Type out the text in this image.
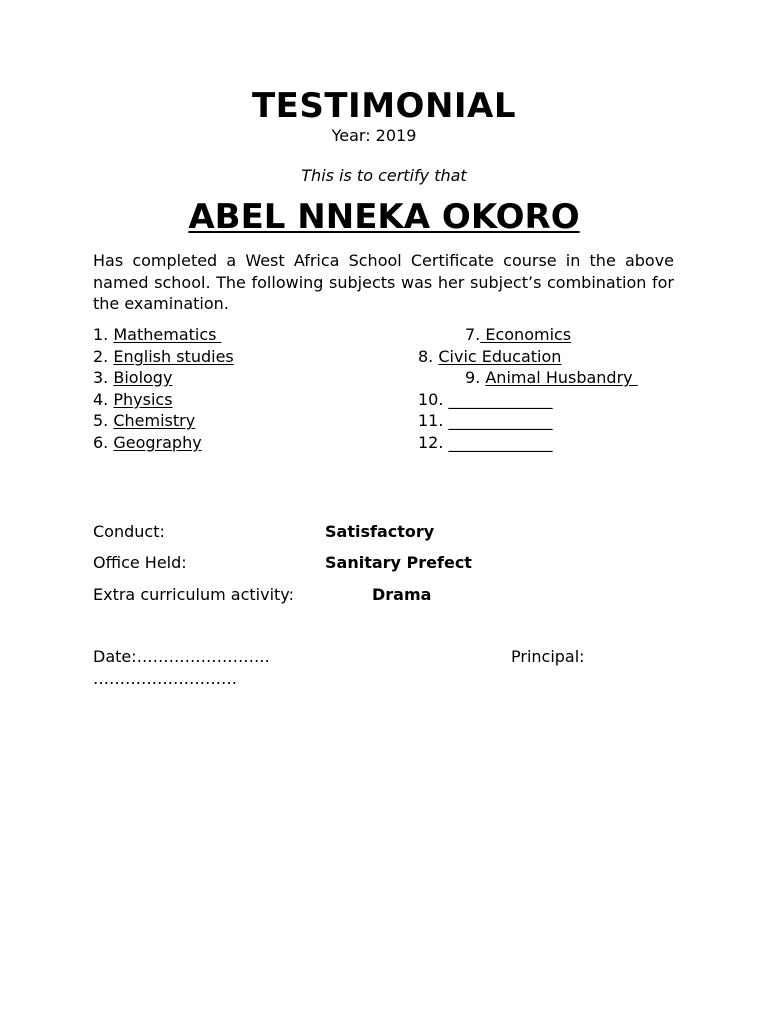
TESTIMONIAL
Year: 2019
This is to certify that
ABEL NNEKA OKORO
Has completed a West Africa School Certificate course in the above named school. The following subjects was her subject’s combination for the examination.
1. Mathematics
2. English studies
3. Biology
4. Physics
5. Chemistry
6. Geography
7. Economics
8. Civic Education
9. Animal Husbandry
10. _____________
11. _____________
12. _____________
Conduct:	Satisfactory
Office Held:	Sanitary Prefect
Extra curriculum activity:	Drama
Date:…………………….	Principal:
………………………
